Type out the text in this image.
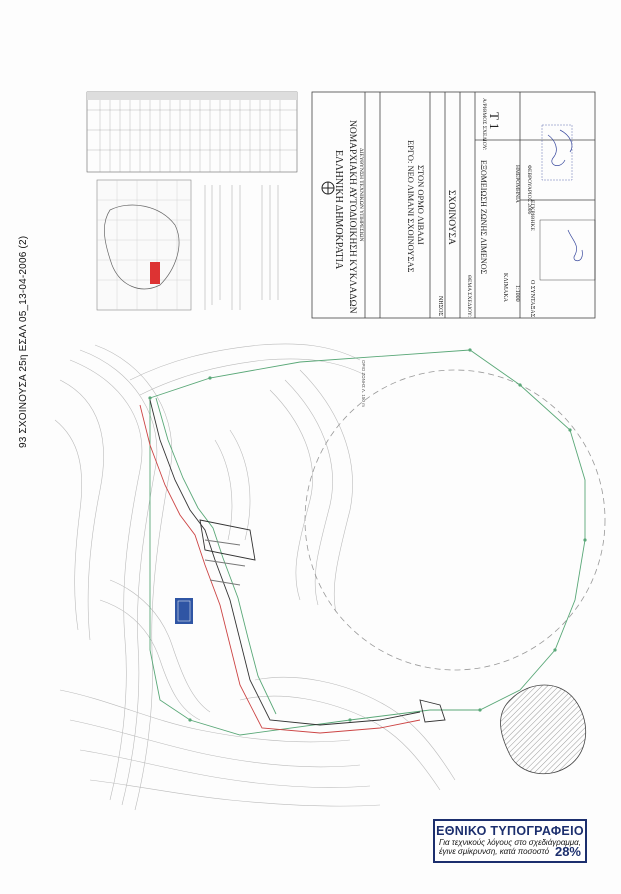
93 ΣΧΟΙΝΟΥΣΑ 25η ΕΣΑΛ 05_13-04-2006 (2)	ΟΡΙΟ ΖΩΝΗΣ Λ. 150 m
ΕΛΛΗΝΙΚΗ ΔΗΜΟΚΡΑΤΙΑ ΝΟΜΑΡΧΙΑΚΗ ΑΥΤΟΔΙΟΙΚΗΣΗ ΚΥΚΛΑΔΩΝ ΔΙΕΥΘΥΝΣΗ ΤΕΧΝΙΚΩΝ ΥΠΗΡΕΣΙΩΝ	ΕΡΓΟ: ΝΕΟ ΛΙΜΑΝΙ ΣΧΟΙΝΟΥΣΑΣ ΣΤΟΝ ΟΡΜΟ ΛΙΒΑΔΙ
ΝΗΣΟΣ
ΣΧΟΙΝΟΥΣΑ
ΘΕΜΑ ΣΧΕΔΙΟΥ:
ΕΞΟΜΕΙΩΣΗ ΖΩΝΗΣ ΛΙΜΕΝΟΣ
Α/ΡΙΘΜΟΣ ΣΧΕΔΙΟΥ: Τ 1
ΚΛΙΜΑΚΑ 1:1000
ΗΜΕΡΟΜΗΝΙΑ ΦΕΒΡΟΥΑΡΙΟΣ 2006
Ο ΣΥΝΤΑΞΑΣ
ΕΓΚΡΙΘΗΚΕ
ΕΘΝΙΚΟ ΤΥΠΟΓΡΑΦΕΙΟ
Για τεχνικούς λόγους στο σχεδιάγραμμα,
έγινε σμίκρυνση, κατά ποσοστό 28%
